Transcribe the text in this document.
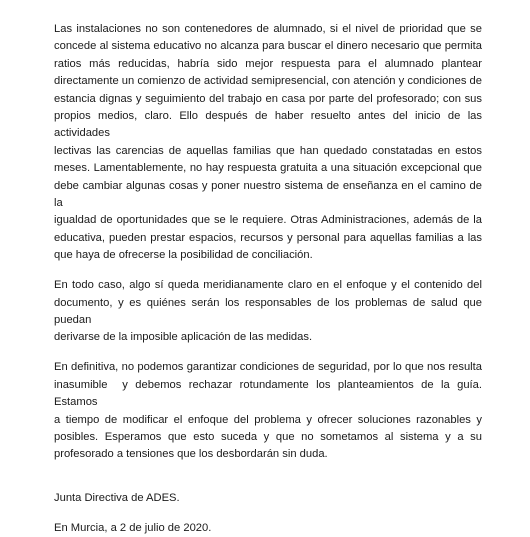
Las instalaciones no son contenedores de alumnado, si el nivel de prioridad que se
concede al sistema educativo no alcanza para buscar el dinero necesario que permita
ratios más reducidas, habría sido mejor respuesta para el alumnado plantear
directamente un comienzo de actividad semipresencial, con atención y condiciones de
estancia dignas y seguimiento del trabajo en casa por parte del profesorado; con sus
propios medios, claro. Ello después de haber resuelto antes del inicio de las actividades
lectivas las carencias de aquellas familias que han quedado constatadas en estos
meses. Lamentablemente, no hay respuesta gratuita a una situación excepcional que
debe cambiar algunas cosas y poner nuestro sistema de enseñanza en el camino de la
igualdad de oportunidades que se le requiere. Otras Administraciones, además de la
educativa, pueden prestar espacios, recursos y personal para aquellas familias a las
que haya de ofrecerse la posibilidad de conciliación.

En todo caso, algo sí queda meridianamente claro en el enfoque y el contenido del
documento, y es quiénes serán los responsables de los problemas de salud que puedan
derivarse de la imposible aplicación de las medidas.

En definitiva, no podemos garantizar condiciones de seguridad, por lo que nos resulta
inasumible  y debemos rechazar rotundamente los planteamientos de la guía. Estamos
a tiempo de modificar el enfoque del problema y ofrecer soluciones razonables y
posibles. Esperamos que esto suceda y que no sometamos al sistema y a su
profesorado a tensiones que los desbordarán sin duda.

Junta Directiva de ADES.

En Murcia, a 2 de julio de 2020.
